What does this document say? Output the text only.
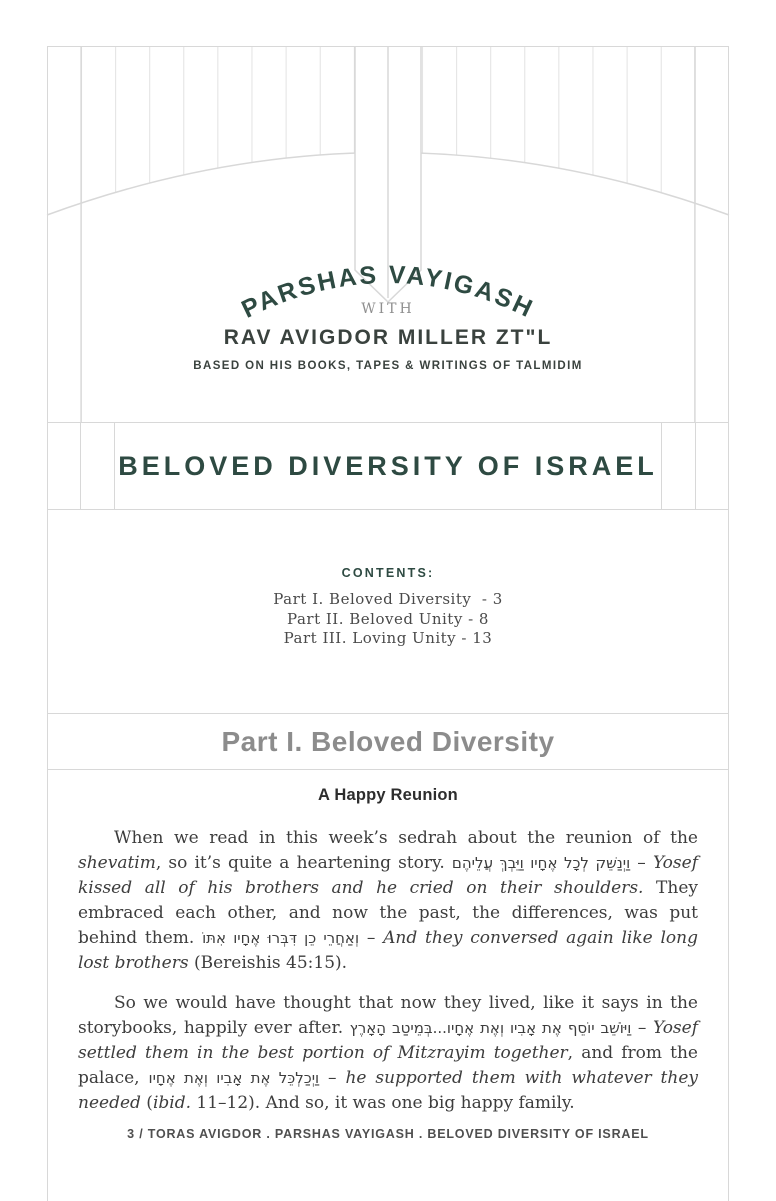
PARSHAS VAYIGASH
WITH
RAV AVIGDOR MILLER ZT"L
BASED ON HIS BOOKS, TAPES & WRITINGS OF TALMIDIM
BELOVED DIVERSITY OF ISRAEL
CONTENTS:
Part I. Beloved Diversity  - 3
Part II. Beloved Unity - 8
Part III. Loving Unity - 13
Part I. Beloved Diversity
A Happy Reunion

When we read in this week’s sedrah about the reunion of the shevatim, so it’s quite a heartening story. וַיְנַשֵּׁק לְכָל אֶחָיו וַיֵּבְךְּ עֲלֵיהֶם – Yosef kissed all of his brothers and he cried on their shoulders. They embraced each other, and now the past, the differences, was put behind them. וְאַחֲרֵי כֵן דִּבְּרוּ אֶחָיו אִתּוֹ – And they conversed again like long lost brothers (Bereishis 45:15).

So we would have thought that now they lived, like it says in the storybooks, happily ever after. וַיּוֹשֵׁב יוֹסֵף אֶת אָבִיו וְאֶת אֶחָיו...בְּמֵיטַב הָאָרֶץ – Yosef settled them in the best portion of Mitzrayim together, and from the palace, וַיְכַלְכֵּל אֶת אָבִיו וְאֶת אֶחָיו – he supported them with whatever they needed (ibid. 11–12). And so, it was one big happy family.

3 / TORAS AVIGDOR . PARSHAS VAYIGASH . BELOVED DIVERSITY OF ISRAEL
